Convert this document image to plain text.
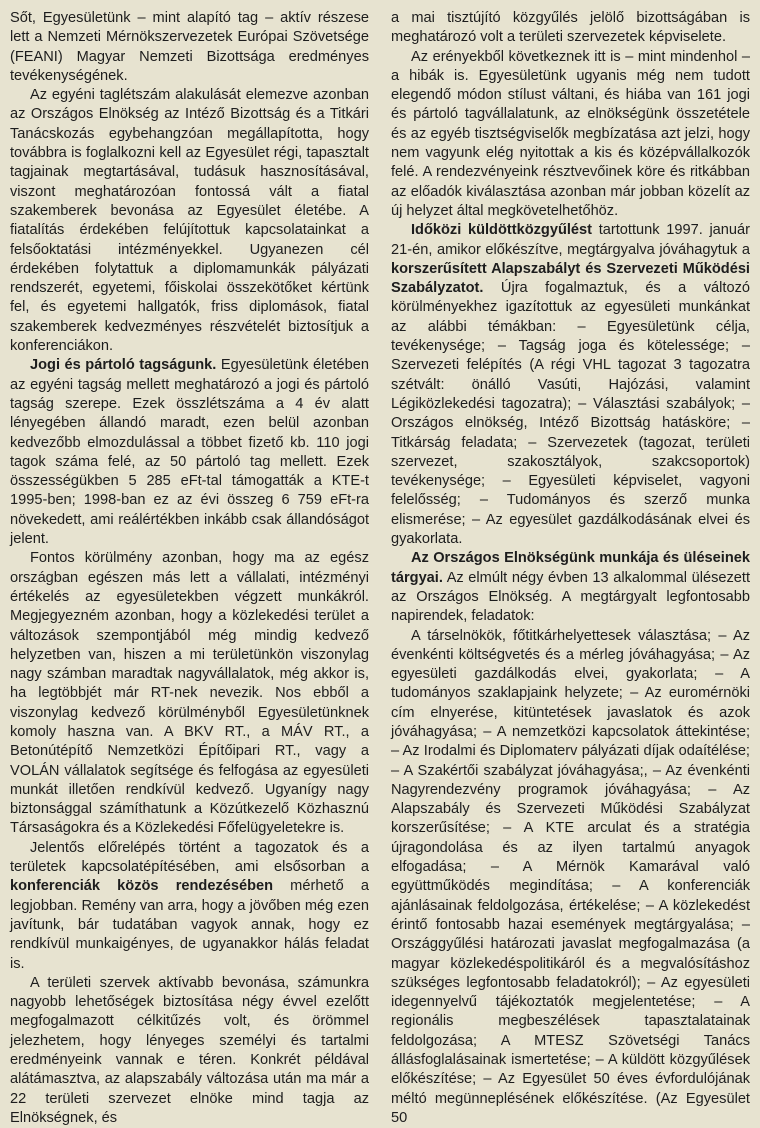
Sőt, Egyesületünk – mint alapító tag – aktív részese lett a Nemzeti Mérnökszervezetek Európai Szövetsége (FEANI) Magyar Nemzeti Bizottsága eredményes tevékenységének.

Az egyéni taglétszám alakulását elemezve azonban az Országos Elnökség az Intéző Bizottság és a Titkári Tanácskozás egybehangzóan megállapította, hogy továbbra is foglalkozni kell az Egyesület régi, tapasztalt tagjainak megtartásával, tudásuk hasznosításával, viszont meghatározóan fontossá vált a fiatal szakemberek bevonása az Egyesület életébe. A fiatalítás érdekében felújítottuk kapcsolatainkat a felsőoktatási intézményekkel. Ugyanezen cél érdekében folytattuk a diplomamunkák pályázati rendszerét, egyetemi, főiskolai összekötőket kértünk fel, és egyetemi hallgatók, friss diplomások, fiatal szakemberek kedvezményes részvételét biztosítjuk a konferenciákon.

Jogi és pártoló tagságunk. Egyesületünk életében az egyéni tagság mellett meghatározó a jogi és pártoló tagság szerepe. Ezek összlétszáma a 4 év alatt lényegében állandó maradt, ezen belül azonban kedvezőbb elmozdulással a többet fizető kb. 110 jogi tagok száma felé, az 50 pártoló tag mellett. Ezek összességükben 5 285 eFt-tal támogatták a KTE-t 1995-ben; 1998-ban ez az évi összeg 6 759 eFt-ra növekedett, ami reálértékben inkább csak állandóságot jelent.

Fontos körülmény azonban, hogy ma az egész országban egészen más lett a vállalati, intézményi értékelés az egyesületekben végzett munkákról. Megjegyezném azonban, hogy a közlekedési terület a változások szempontjából még mindig kedvező helyzetben van, hiszen a mi területünkön viszonylag nagy számban maradtak nagyvállalatok, még akkor is, ha legtöbbjét már RT-nek nevezik. Nos ebből a viszonylag kedvező körülményből Egyesületünknek komoly haszna van. A BKV RT., a MÁV RT., a Betonútépítő Nemzetközi Építőipari RT., vagy a VOLÁN vállalatok segítsége és felfogása az egyesületi munkát illetően rendkívül kedvező. Ugyanígy nagy biztonsággal számíthatunk a Közútkezelő Közhasznú Társaságokra és a Közlekedési Főfelügyeletekre is.

Jelentős előrelépés történt a tagozatok és a területek kapcsolatépítésében, ami elsősorban a konferenciák közös rendezésében mérhető a legjobban. Remény van arra, hogy a jövőben még ezen javítunk, bár tudatában vagyok annak, hogy ez rendkívül munkaigényes, de ugyanakkor hálás feladat is.

A területi szervek aktívabb bevonása, számunkra nagyobb lehetőségek biztosítása négy évvel ezelőtt megfogalmazott célkitűzés volt, és örömmel jelezhetem, hogy lényeges személyi és tartalmi eredményeink vannak e téren. Konkrét példával alátámasztva, az alapszabály változása után ma már a 22 területi szervezet elnöke mind tagja az Elnökségnek, és

a mai tisztújító közgyűlés jelölő bizottságában is meghatározó volt a területi szervezetek képviselete.

Az erényekből következnek itt is – mint mindenhol – a hibák is. Egyesületünk ugyanis még nem tudott elegendő módon stílust váltani, és hiába van 161 jogi és pártoló tagvállalatunk, az elnökségünk összetétele és az egyéb tisztségviselők megbízatása azt jelzi, hogy nem vagyunk elég nyitottak a kis és középvállalkozók felé. A rendezvényeink résztvevőinek köre és ritkábban az előadók kiválasztása azonban már jobban közelít az új helyzet által megkövetelhetőhöz.

Időközi küldöttközgyűlést tartottunk 1997. január 21-én, amikor előkészítve, megtárgyalva jóváhagytuk a korszerűsített Alapszabályt és Szervezeti Működési Szabályzatot. Újra fogalmaztuk, és a változó körülményekhez igazítottuk az egyesületi munkánkat az alábbi témákban: – Egyesületünk célja, tevékenysége; – Tagság joga és kötelessége; – Szervezeti felépítés (A régi VHL tagozat 3 tagozatra szétvált: önálló Vasúti, Hajózási, valamint Légiközlekedési tagozatra); – Választási szabályok; – Országos elnökség, Intéző Bizottság hatásköre; – Titkárság feladata; – Szervezetek (tagozat, területi szervezet, szakosztályok, szakcsoportok) tevékenysége; – Egyesületi képviselet, vagyoni felelősség; – Tudományos és szerző munka elismerése; – Az egyesület gazdálkodásának elvei és gyakorlata.

Az Országos Elnökségünk munkája és üléseinek tárgyai. Az elmúlt négy évben 13 alkalommal ülésezett az Országos Elnökség. A megtárgyalt legfontosabb napirendek, feladatok:

A társelnökök, főtitkárhelyettesek választása; – Az évenkénti költségvetés és a mérleg jóváhagyása; – Az egyesületi gazdálkodás elvei, gyakorlata; – A tudományos szaklapjaink helyzete; – Az euromérnöki cím elnyerése, kitüntetések javaslatok és azok jóváhagyása; – A nemzetközi kapcsolatok áttekintése; – Az Irodalmi és Diplomaterv pályázati díjak odaítélése; – A Szakértői szabályzat jóváhagyása;, – Az évenkénti Nagyrendezvény programok jóváhagyása; – Az Alapszabály és Szervezeti Működési Szabályzat korszerűsítése; – A KTE arculat és a stratégia újragondolása és az ilyen tartalmú anyagok elfogadása; – A Mérnök Kamarával való együttműködés megindítása; – A konferenciák ajánlásainak feldolgozása, értékelése; – A közlekedést érintő fontosabb hazai események megtárgyalása; – Országgyűlési határozati javaslat megfogalmazása (a magyar közlekedéspolitikáról és a megvalósításhoz szükséges legfontosabb feladatokról); – Az egyesületi idegennyelvű tájékoztatók megjelentetése; – A regionális megbeszélések tapasztalatainak feldolgozása; A MTESZ Szövetségi Tanács állásfoglalásainak ismertetése; – A küldött közgyűlések előkészítése; – Az Egyesület 50 éves évfordulójának méltó megünneplésének előkészítése. (Az Egyesület 50
